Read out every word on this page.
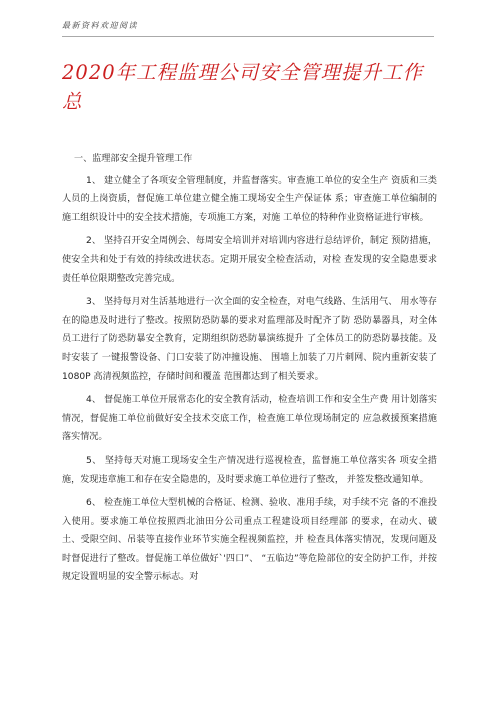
最新资料欢迎阅读
2020年工程监理公司安全管理提升工作总

一、监理部安全提升管理工作

1、 建立健全了各项安全管理制度，并监督落实。审查施工单位的安全生产 资质和三类人员的上岗资质，督促施工单位建立健全施工现场安全生产保证体 系；审查施工单位编制的施工组织设计中的安全技术措施，专项施工方案，对施 工单位的特种作业资格证进行审核。

2、 坚持召开安全周例会、每周安全培训并对培训内容进行总结评价，制定 预防措施，使安全共和处于有效的持续改进状态。定期开展安全检查活动，对检 查发现的安全隐患要求责任单位限期整改完善完成。

3、 坚持每月对生活基地进行一次全面的安全检查，对电气线路、生活用气、 用水等存在的隐患及时进行了整改。按照防恐防暴的要求对监理部及时配齐了防 恐防暴器具，对全体员工进行了防恐防暴安全教育，定期组织防恐防暴演练提升 了全体员工的防恐防暴技能。及时安装了 一键报警设备、门口安装了防冲撞设施、 围墙上加装了刀片刺网、院内重新安装了 1080P 高清视频监控，存储时间和覆盖 范围都达到了相关要求。

4、 督促施工单位开展常态化的安全教育活动，检查培训工作和安全生产费 用计划落实情况，督促施工单位前做好安全技术交底工作，检查施工单位现场制定的 应急救援预案措施落实情况。

5、 坚持每天对施工现场安全生产情况进行巡视检查，监督施工单位落实各 项安全措施，发现违章施工和存在安全隐患的，及时要求施工单位进行了整改， 并签发整改通知单。

6、 检查施工单位大型机械的合格证、检测、验收、准用手续，对手续不完 备的不准投入使用。要求施工单位按照西北油田分公司重点工程建设项目经理部 的要求，在动火、破土、受限空间、吊装等直接作业环节实施全程视频监控，并 检查具体落实情况，发现问题及时督促进行了整改。督促施工单位做好`'四口”、 “五临边”等危险部位的安全防护工作，并按规定设置明显的安全警示标志。对
